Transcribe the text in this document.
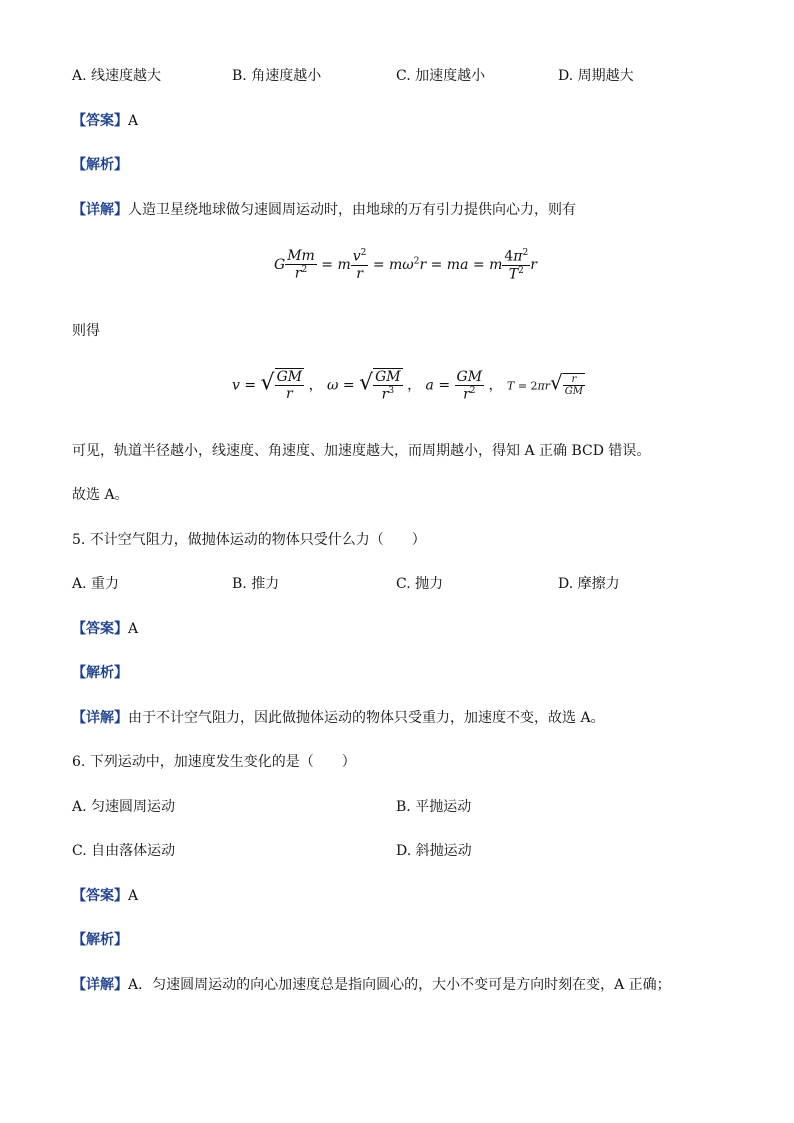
A. 线速度越大	B. 角速度越小	C. 加速度越小	D. 周期越大
【答案】A
【解析】
【详解】人造卫星绕地球做匀速圆周运动时，由地球的万有引力提供向心力，则有
G $\frac{Mm}{r^2} = m \frac{v^2}{r} = m\omega^2r$ = ma = m $\frac{4\pi^2}{T^2}$ r
则得
v = √ $\frac{GM}{r}$ ， ω = √ $\frac{GM}{r^3}$ ， $a = \frac{GM}{r^2}$ ， $T = 2\pi r√ \frac{r}{GM}$
可见，轨道半径越小，线速度、角速度、加速度越大，而周期越小，得知 A 正确 BCD 错误。
故选 A。
5. 不计空气阻力，做抛体运动的物体只受什么力（　　）
A. 重力	B. 推力	C. 抛力	D. 摩擦力
【答案】A
【解析】
【详解】由于不计空气阻力，因此做抛体运动的物体只受重力，加速度不变，故选 A。
6. 下列运动中，加速度发生变化的是（　　）
A. 匀速圆周运动	B. 平抛运动
C. 自由落体运动	D. 斜抛运动
【答案】A
【解析】
【详解】A．匀速圆周运动的向心加速度总是指向圆心的，大小不变可是方向时刻在变，A 正确；
